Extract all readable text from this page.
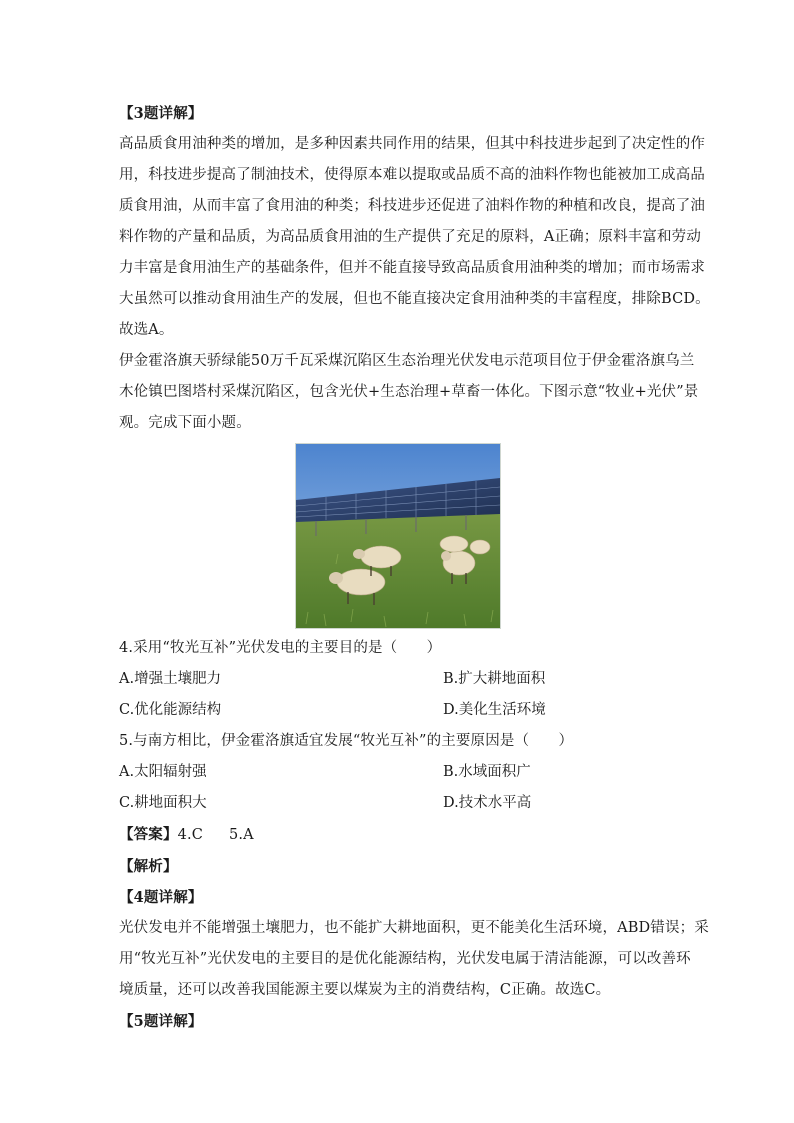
【3题详解】
高品质食用油种类的增加，是多种因素共同作用的结果，但其中科技进步起到了决定性的作
用，科技进步提高了制油技术，使得原本难以提取或品质不高的油料作物也能被加工成高品
质食用油，从而丰富了食用油的种类；科技进步还促进了油料作物的种植和改良，提高了油
料作物的产量和品质，为高品质食用油的生产提供了充足的原料，A正确；原料丰富和劳动
力丰富是食用油生产的基础条件，但并不能直接导致高品质食用油种类的增加；而市场需求
大虽然可以推动食用油生产的发展，但也不能直接决定食用油种类的丰富程度，排除BCD。
故选A。
伊金霍洛旗天骄绿能50万千瓦采煤沉陷区生态治理光伏发电示范项目位于伊金霍洛旗乌兰
木伦镇巴图塔村采煤沉陷区，包含光伏+生态治理+草畜一体化。下图示意“牧业+光伏”景
观。完成下面小题。
4.采用“牧光互补”光伏发电的主要目的是（　　）
A.增强土壤肥力	B.扩大耕地面积
C.优化能源结构	D.美化生活环境
5.与南方相比，伊金霍洛旗适宜发展“牧光互补”的主要原因是（　　）
A.太阳辐射强	B.水域面积广
C.耕地面积大	D.技术水平高
【答案】4.C 5.A
【解析】
【4题详解】
光伏发电并不能增强土壤肥力，也不能扩大耕地面积，更不能美化生活环境，ABD错误；采
用“牧光互补”光伏发电的主要目的是优化能源结构，光伏发电属于清洁能源，可以改善环
境质量，还可以改善我国能源主要以煤炭为主的消费结构，C正确。故选C。
【5题详解】
